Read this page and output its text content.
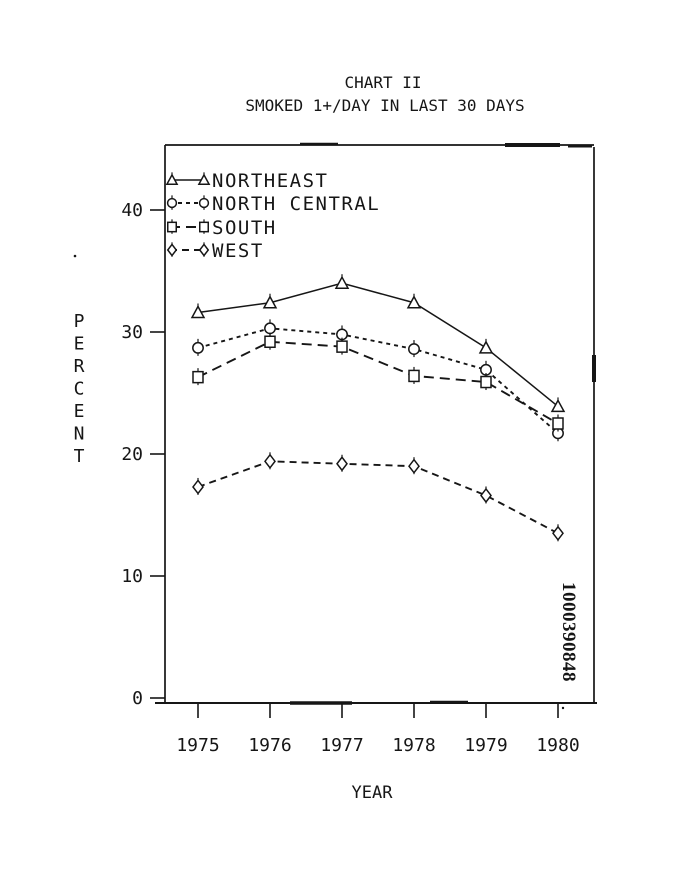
CHART II
SMOKED 1+/DAY IN LAST 30 DAYS
0
10
20
30
40
1975 1976 1977 1978 1979 1980
P
E
R
C
E
N
T
NORTHEAST
NORTH CENTRAL
SOUTH
WEST
YEAR
1000390848
